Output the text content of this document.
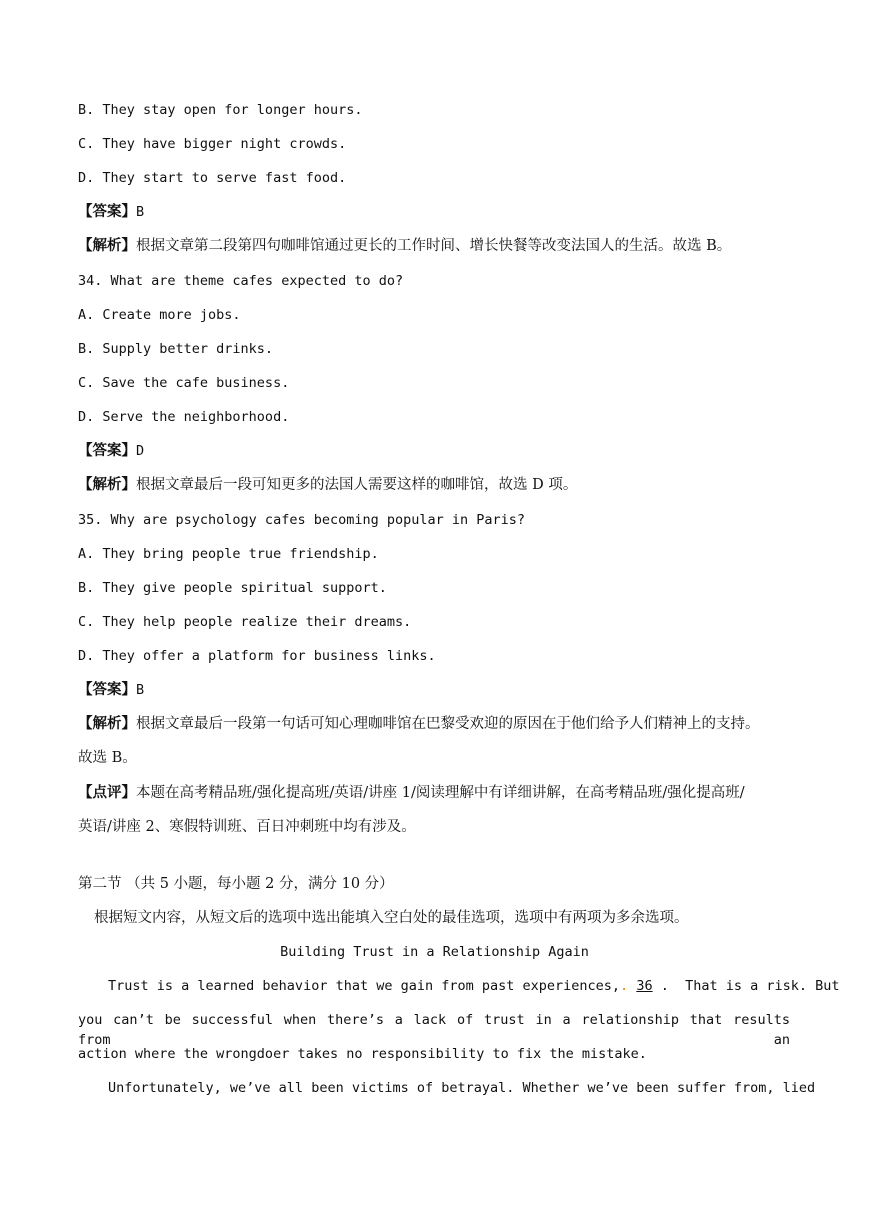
B. They stay open for longer hours.
C. They have bigger night crowds.
D. They start to serve fast food.
【答案】B
【解析】根据文章第二段第四句咖啡馆通过更长的工作时间、增长快餐等改变法国人的生活。故选 B。
34. What are theme cafes expected to do?
A. Create more jobs.
B. Supply better drinks.
C. Save the cafe business.
D. Serve the neighborhood.
【答案】D
【解析】根据文章最后一段可知更多的法国人需要这样的咖啡馆，故选 D 项。
35. Why are psychology cafes becoming popular in Paris?
A. They bring people true friendship.
B. They give people spiritual support.
C. They help people realize their dreams.
D. They offer a platform for business links.
【答案】B
【解析】根据文章最后一段第一句话可知心理咖啡馆在巴黎受欢迎的原因在于他们给予人们精神上的支持。
故选 B。
【点评】本题在高考精品班/强化提高班/英语/讲座 1/阅读理解中有详细讲解，在高考精品班/强化提高班/
英语/讲座 2、寒假特训班、百日冲刺班中均有涉及。
第二节 （共 5 小题，每小题 2 分，满分 10 分）
根据短文内容，从短文后的选项中选出能填入空白处的最佳选项，选项中有两项为多余选项。
Building Trust in a Relationship Again
Trust is a learned behavior that we gain from past experiences,. 36 .  That is a risk. But
you can’t be successful when there’s a lack of trust in a relationship that results from an
action where the wrongdoer takes no responsibility to fix the mistake.
Unfortunately, we’ve all been victims of betrayal. Whether we’ve been suffer from, lied
